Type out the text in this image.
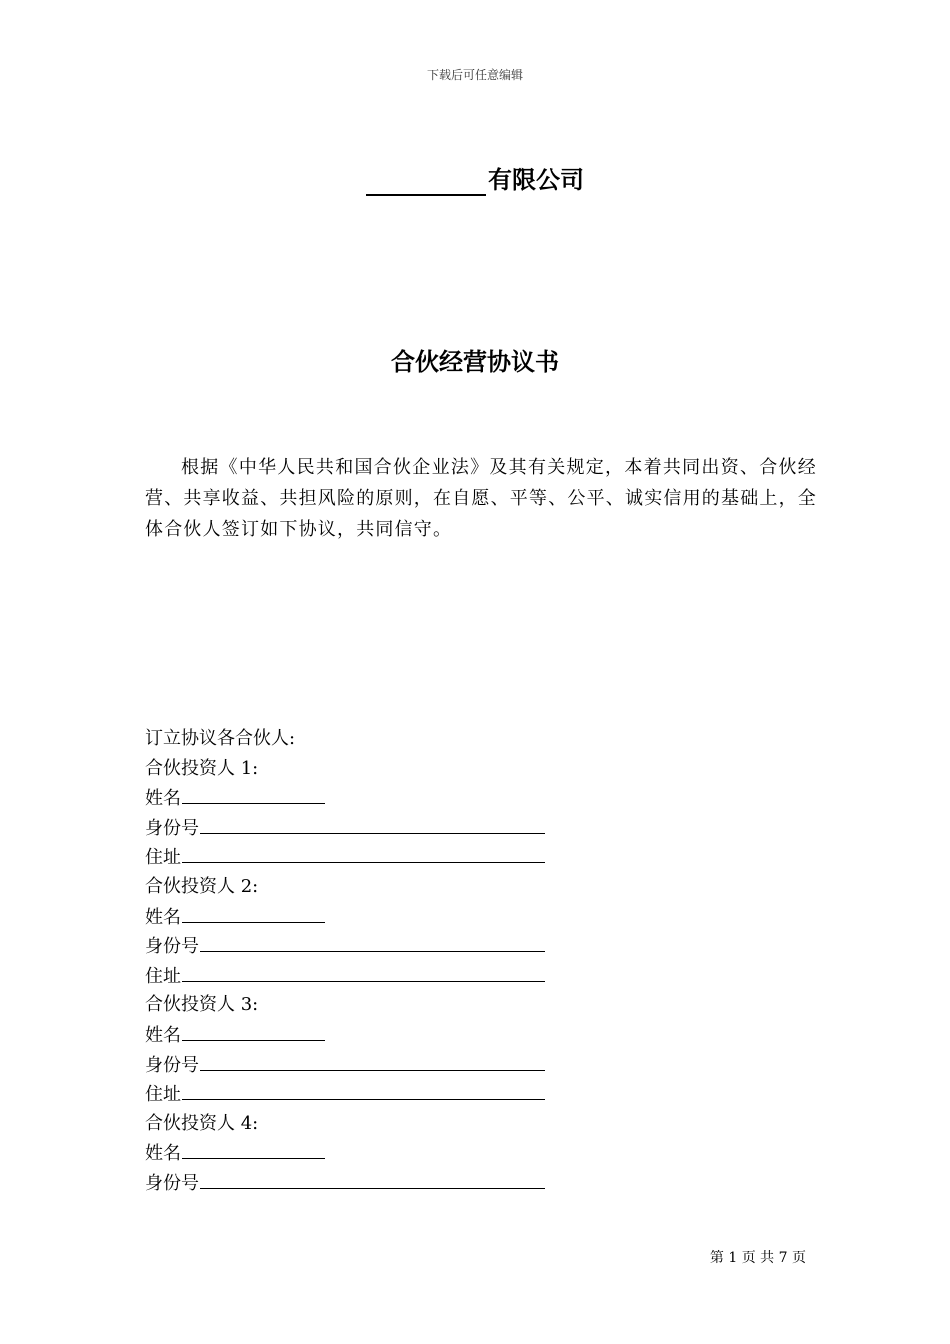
下载后可任意编辑
有限公司
合伙经营协议书
根据《中华人民共和国合伙企业法》及其有关规定，本着共同出资、合伙经营、共享收益、共担风险的原则，在自愿、平等、公平、诚实信用的基础上，全体合伙人签订如下协议，共同信守。
订立协议各合伙人:
合伙投资人 1:
姓名
身份号
住址
合伙投资人 2:
姓名
身份号
住址
合伙投资人 3:
姓名
身份号
住址
合伙投资人 4:
姓名
身份号
第 1 页 共 7 页
